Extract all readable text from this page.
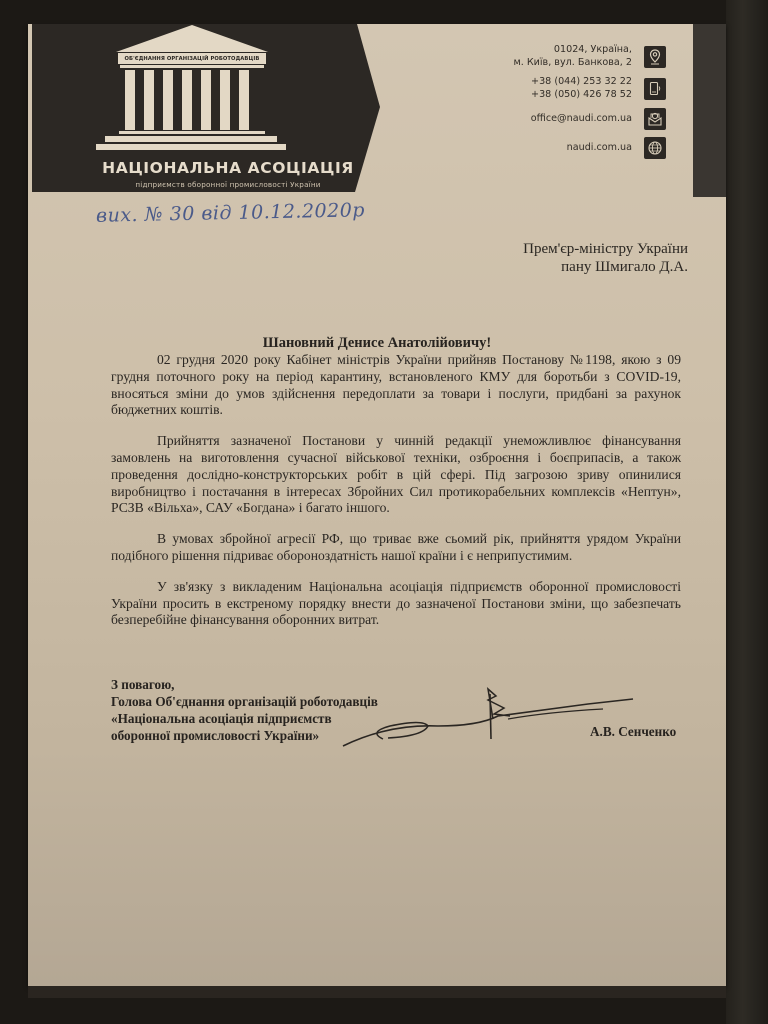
ОБ'ЄДНАННЯ ОРГАНІЗАЦІЙ РОБОТОДАВЦІВ
НАЦІОНАЛЬНА АСОЦІАЦІЯ
підприємств оборонної промисловості України
01024, Україна,
м. Київ, вул. Банкова, 2
+38 (044) 253 32 22
+38 (050) 426 78 52
office@naudi.com.ua
naudi.com.ua
вих. № 30 від 10.12.2020р
Прем'єр-міністру України
пану Шмигало Д.А.
Шановний Денисе Анатолійовичу!

02 грудня 2020 року Кабінет міністрів України прийняв Постанову №1198, якою з 09 грудня поточного року на період карантину, встановленого КМУ для боротьби з COVID-19, вносяться зміни до умов здійснення передоплати за товари і послуги, придбані за рахунок бюджетних коштів.

Прийняття зазначеної Постанови у чинній редакції унеможливлює фінансування замовлень на виготовлення сучасної військової техніки, озброєння і боєприпасів, а також проведення дослідно-конструкторських робіт в цій сфері. Під загрозою зриву опинилися виробництво і постачання в інтересах Збройних Сил протикорабельних комплексів «Нептун», РСЗВ «Вільха», САУ «Богдана» і багато іншого.

В умовах збройної агресії РФ, що триває вже сьомий рік, прийняття урядом України подібного рішення підриває обороноздатність нашої країни і є неприпустимим.

У зв'язку з викладеним Національна асоціація підприємств оборонної промисловості України просить в екстреному порядку внести до зазначеної Постанови зміни, що забезпечать безперебійне фінансування оборонних витрат.

З повагою,
Голова Об'єднання організацій роботодавців
«Національна асоціація підприємств
оборонної промисловості України»	А.В. Сенченко
